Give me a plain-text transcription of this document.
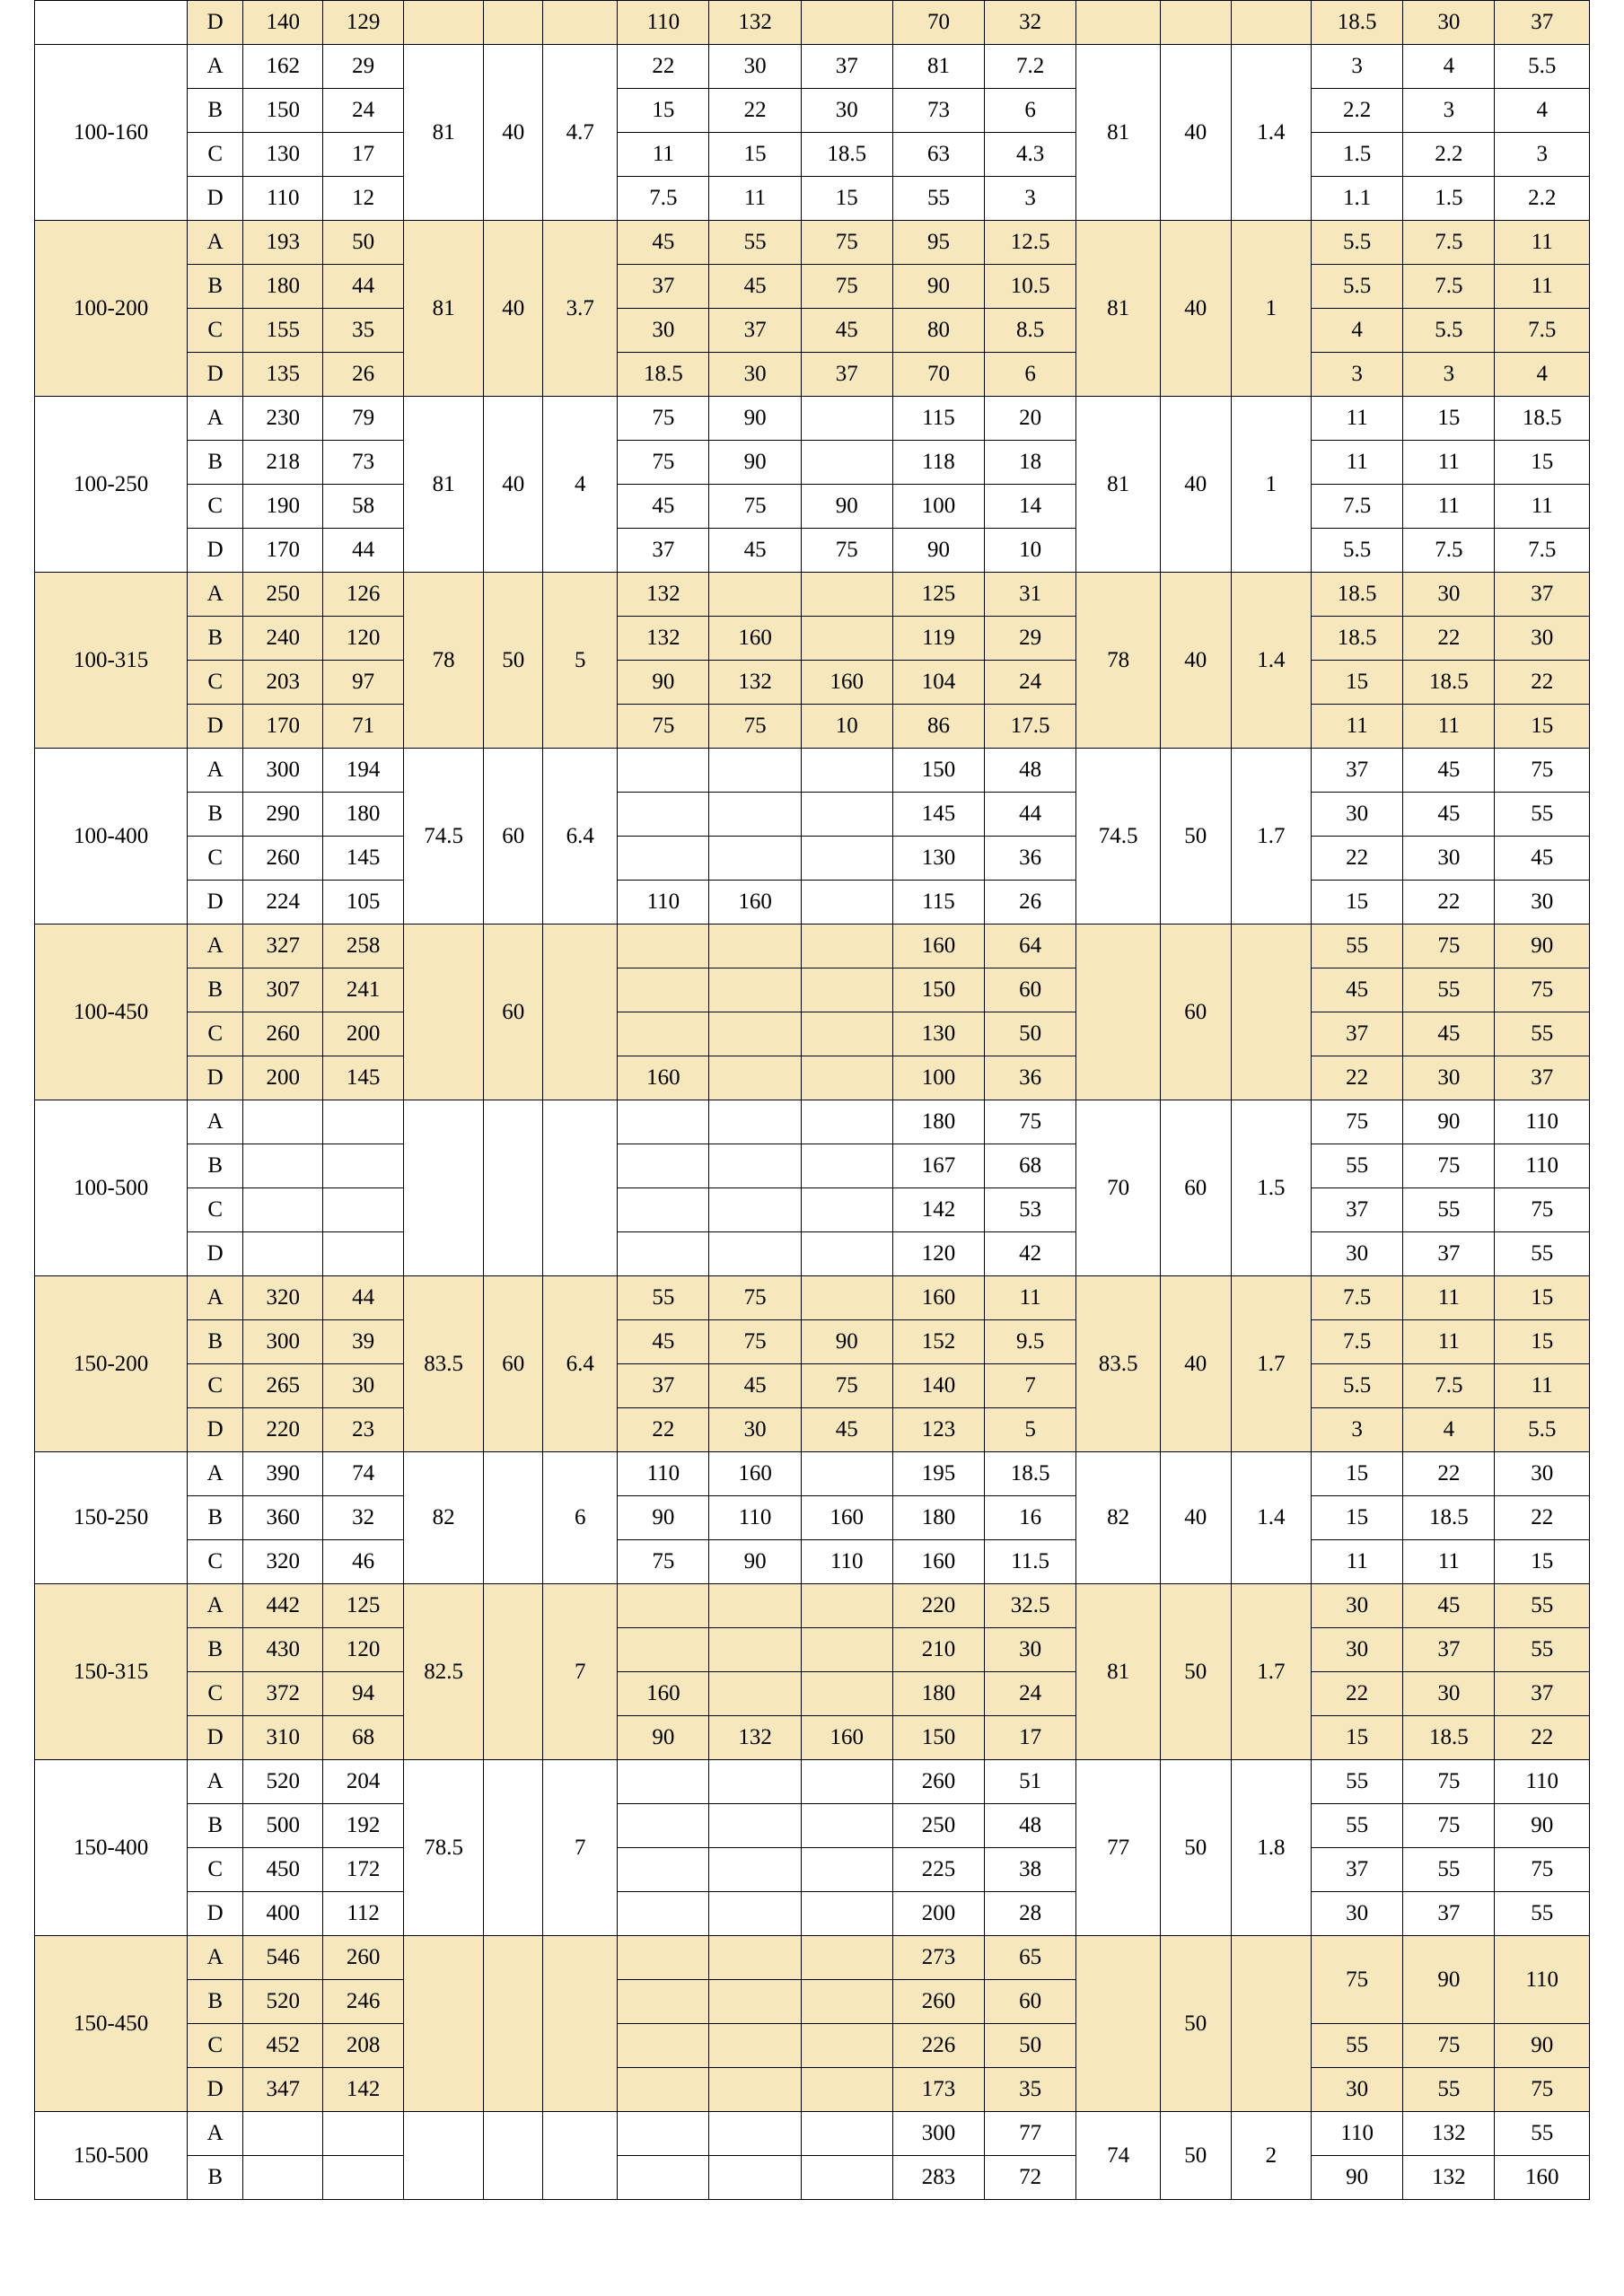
	D	140	129				110	132		70	32				18.5	30	37
100-160	A	162	29	81	40	4.7	22	30	37	81	7.2	81	40	1.4	3	4	5.5
	B	150	24				15	22	30	73	6				2.2	3	4
	C	130	17				11	15	18.5	63	4.3				1.5	2.2	3
	D	110	12				7.5	11	15	55	3				1.1	1.5	2.2
100-200	A	193	50	81	40	3.7	45	55	75	95	12.5	81	40	1	5.5	7.5	11
	B	180	44				37	45	75	90	10.5				5.5	7.5	11
	C	155	35				30	37	45	80	8.5				4	5.5	7.5
	D	135	26				18.5	30	37	70	6				3	3	4
100-250	A	230	79	81	40	4	75	90		115	20	81	40	1	11	15	18.5
	B	218	73				75	90		118	18				11	11	15
	C	190	58				45	75	90	100	14				7.5	11	11
	D	170	44				37	45	75	90	10				5.5	7.5	7.5
100-315	A	250	126	78	50	5	132			125	31	78	40	1.4	18.5	30	37
	B	240	120				132	160		119	29				18.5	22	30
	C	203	97				90	132	160	104	24				15	18.5	22
	D	170	71				75	75	10	86	17.5				11	11	15
100-400	A	300	194	74.5	60	6.4				150	48	74.5	50	1.7	37	45	75
	B	290	180							145	44				30	45	55
	C	260	145							130	36				22	30	45
	D	224	105				110	160		115	26				15	22	30
100-450	A	327	258		60					160	64		60		55	75	90
	B	307	241							150	60				45	55	75
	C	260	200							130	50				37	45	55
	D	200	145				160			100	36				22	30	37
100-500	A									180	75	70	60	1.5	75	90	110
	B									167	68				55	75	110
	C									142	53				37	55	75
	D									120	42				30	37	55
150-200	A	320	44	83.5	60	6.4	55	75		160	11	83.5	40	1.7	7.5	11	15
	B	300	39				45	75	90	152	9.5				7.5	11	15
	C	265	30				37	45	75	140	7				5.5	7.5	11
	D	220	23				22	30	45	123	5				3	4	5.5
150-250	A	390	74	82		6	110	160		195	18.5	82	40	1.4	15	22	30
	B	360	32				90	110	160	180	16				15	18.5	22
	C	320	46				75	90	110	160	11.5				11	11	15
150-315	A	442	125	82.5		7				220	32.5	81	50	1.7	30	45	55
	B	430	120							210	30				30	37	55
	C	372	94				160			180	24				22	30	37
	D	310	68				90	132	160	150	17				15	18.5	22
150-400	A	520	204	78.5		7				260	51	77	50	1.8	55	75	110
	B	500	192							250	48				55	75	90
	C	450	172							225	38				37	55	75
	D	400	112							200	28				30	37	55
150-450	A	546	260							273	65		50		75	90	110
	B	520	246							260	60						
	C	452	208							226	50				55	75	90
	D	347	142							173	35				30	55	75
150-500	A									300	77	74	50	2	110	132	55
	B									283	72				90	132	160
